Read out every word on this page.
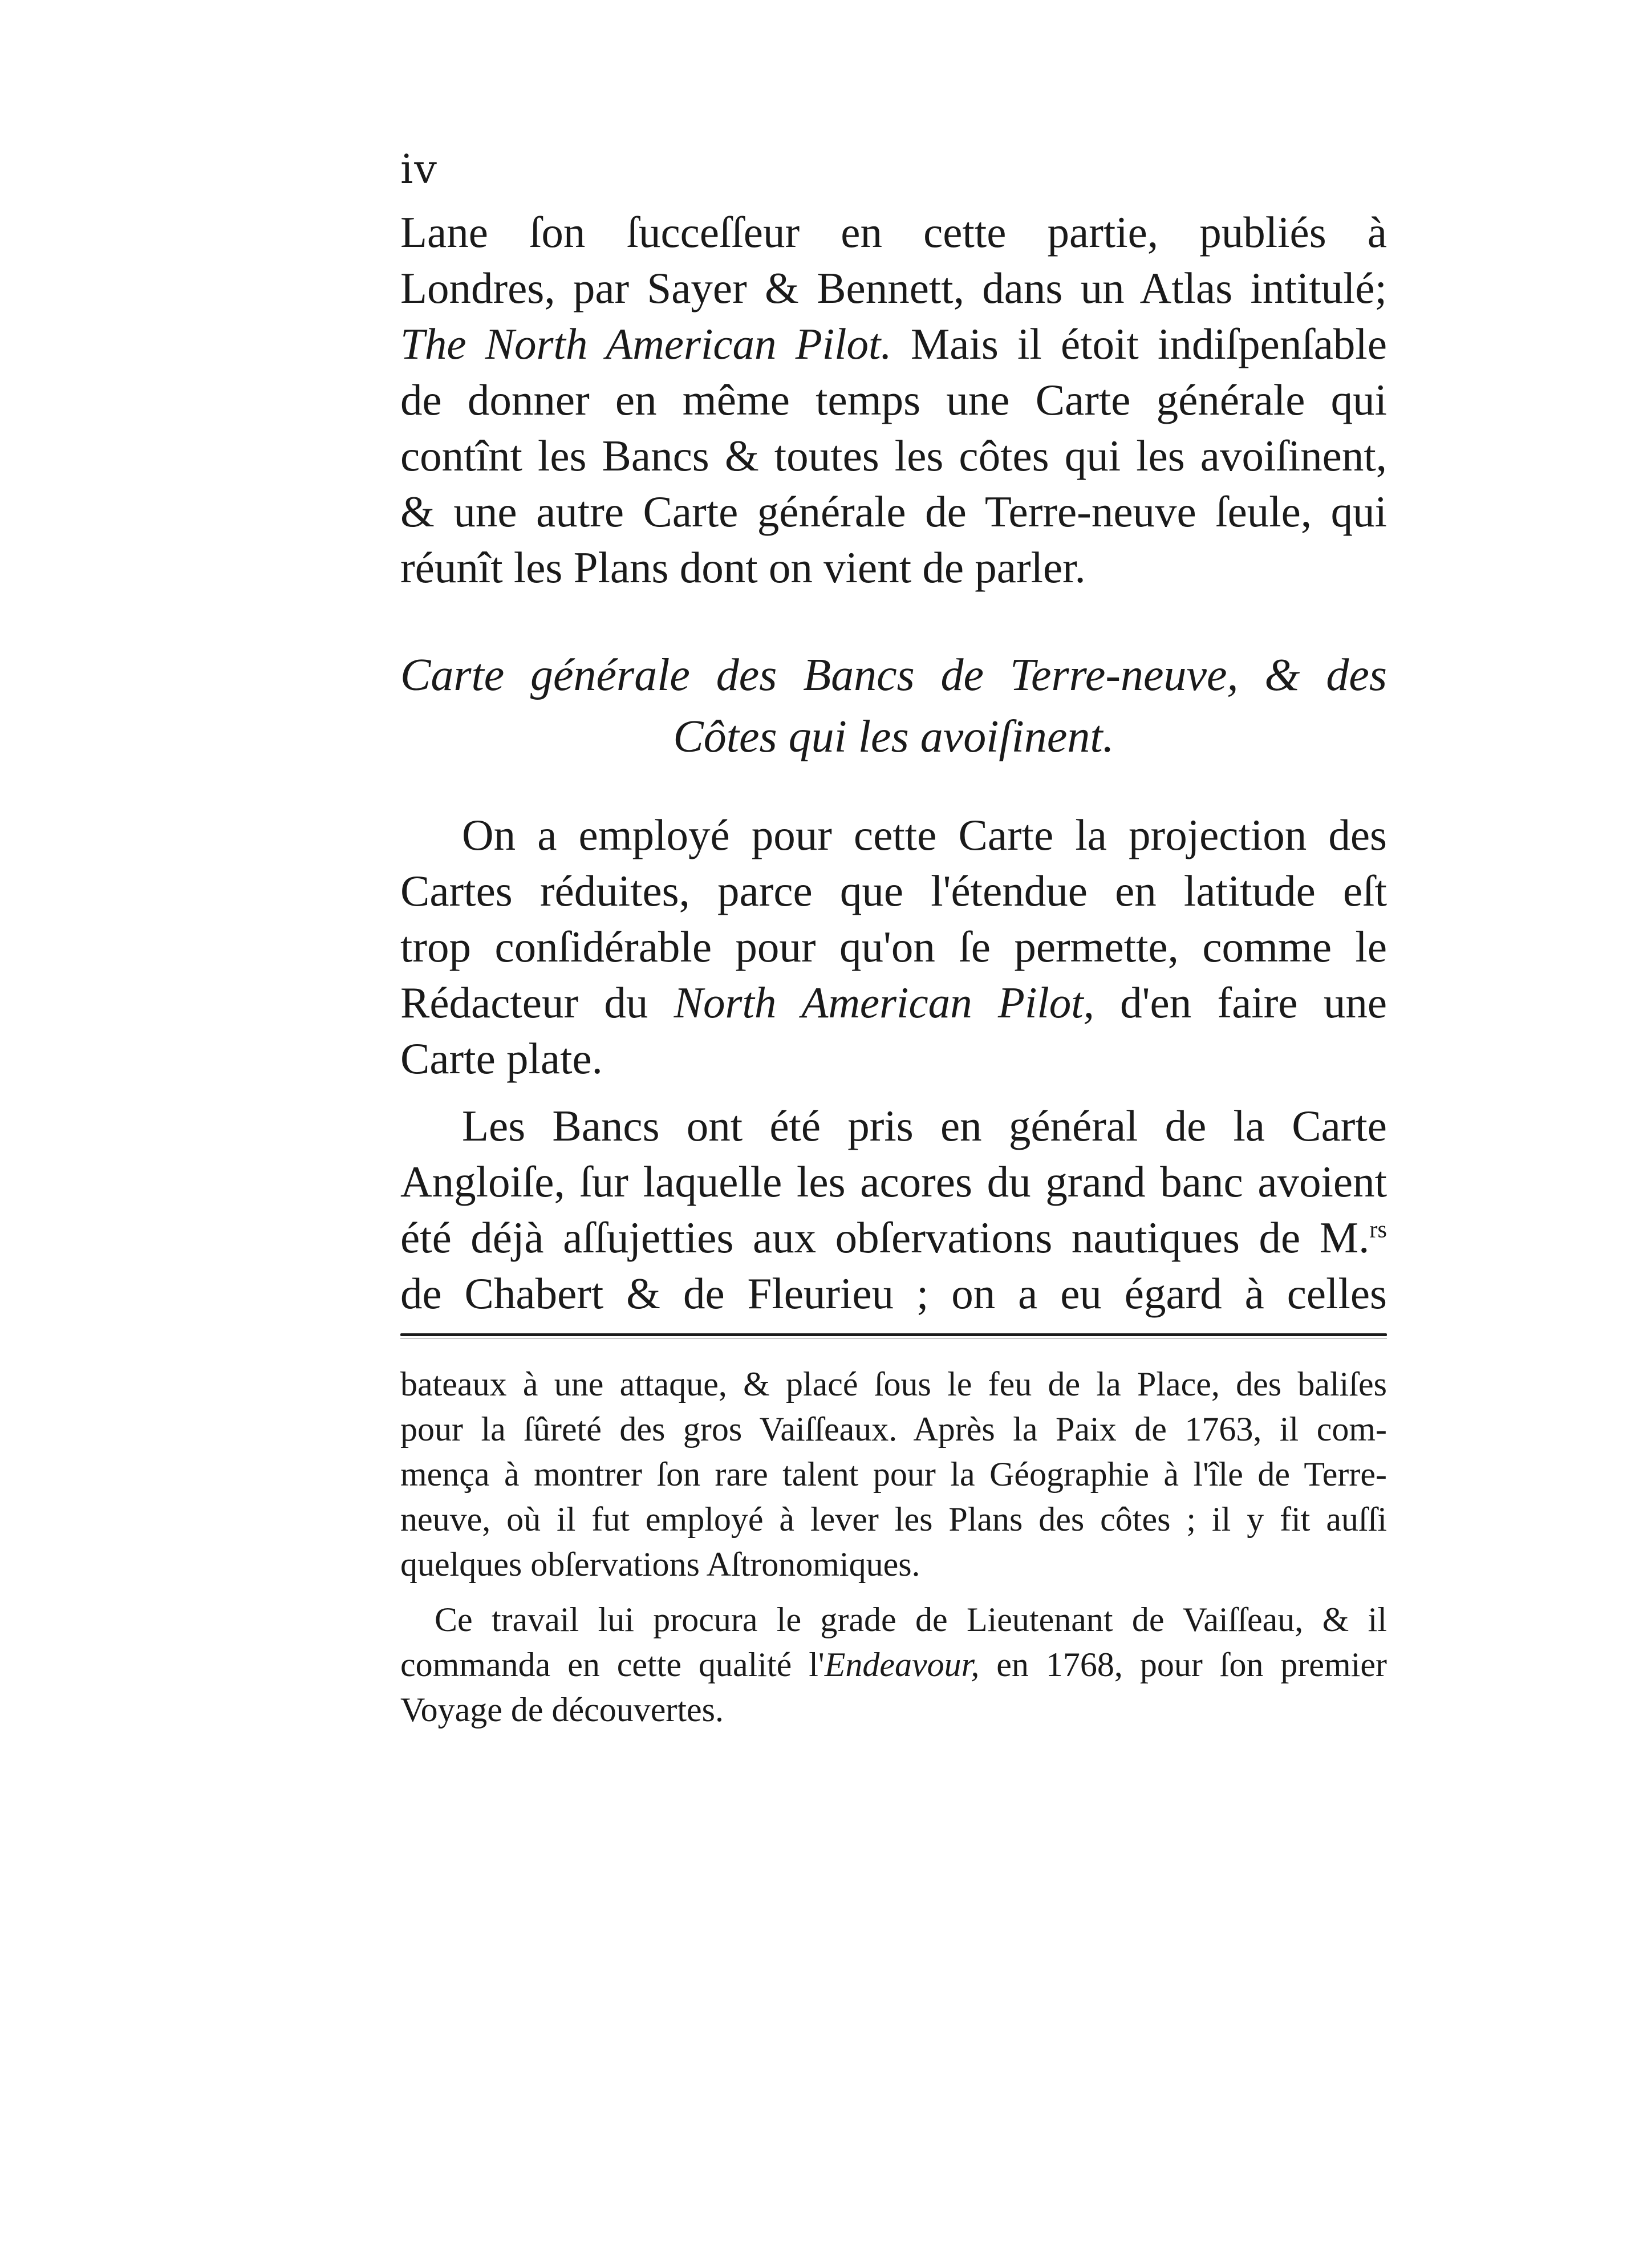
iv
Lane ſon ſucceſſeur en cette partie, publiés à
Londres, par Sayer & Bennett, dans un Atlas intitulé;
The North American Pilot. Mais il étoit indiſpenſable
de donner en même temps une Carte générale qui
contînt les Bancs & toutes les côtes qui les avoiſinent,
& une autre Carte générale de Terre-neuve ſeule, qui
réunît les Plans dont on vient de parler.
Carte générale des Bancs de Terre-neuve, & des
Côtes qui les avoiſinent.
On a employé pour cette Carte la projection des
Cartes réduites, parce que l'étendue en latitude eſt
trop conſidérable pour qu'on ſe permette, comme le
Rédacteur du North American Pilot, d'en faire une
Carte plate.
Les Bancs ont été pris en général de la Carte
Angloiſe, ſur laquelle les acores du grand banc avoient
été déjà aſſujetties aux obſervations nautiques de M.$^{rs}$
de Chabert & de Fleurieu ; on a eu égard à celles
bateaux à une attaque, & placé ſous le feu de la Place, des baliſes
pour la ſûreté des gros Vaiſſeaux. Après la Paix de 1763, il com-
mença à montrer ſon rare talent pour la Géographie à l'île de Terre-
neuve, où il fut employé à lever les Plans des côtes ; il y fit auſſi
quelques obſervations Aſtronomiques.
Ce travail lui procura le grade de Lieutenant de Vaiſſeau, & il
commanda en cette qualité l'Endeavour, en 1768, pour ſon premier
Voyage de découvertes.
